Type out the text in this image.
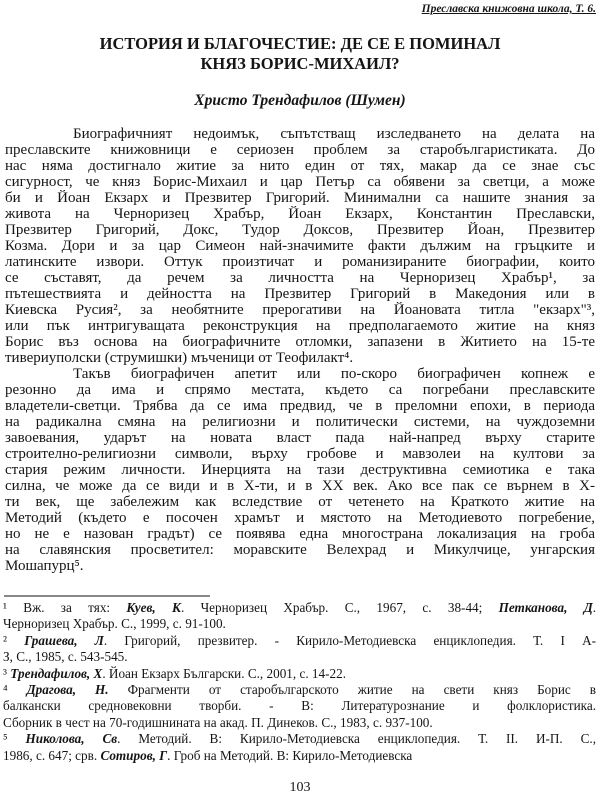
Преславска книжовна школа, Т. 6.
ИСТОРИЯ И БЛАГОЧЕСТИЕ: ДЕ СЕ Е ПОМИНАЛ
КНЯЗ БОРИС-МИХАИЛ?
Христо Трендафилов (Шумен)
Биографичният недоимък, съпътстващ изследването на делата на
преславските книжовници е сериозен проблем за старобългаристиката. До
нас няма достигнало житие за нито един от тях, макар да се знае със
сигурност, че княз Борис-Михаил и цар Петър са обявени за светци, а може
би и Йоан Екзарх и Презвитер Григорий. Минимални са нашите знания за
живота на Черноризец Храбър, Йоан Екзарх, Константин Преславски,
Презвитер Григорий, Докс, Тудор Доксов, Презвитер Йоан, Презвитер
Козма. Дори и за цар Симеон най-значимите факти дължим на гръцките и
латинските извори. Оттук произтичат и романизираните биографии, които
се съставят, да речем за личността на Черноризец Храбър¹, за
пътешествията и дейността на Презвитер Григорий в Македония или в
Киевска Русия², за необятните прерогативи на Йоановата титла "екзарх"³,
или пък интригуващата реконструкция на предполагаемото житие на княз
Борис въз основа на биографичните отломки, запазени в Житието на 15-те
тивериуполски (струмишки) мъченици от Теофилакт⁴.
Такъв биографичен апетит или по-скоро биографичен копнеж е
резонно да има и спрямо местата, където са погребани преславските
владетели-светци. Трябва да се има предвид, че в преломни епохи, в периода
на радикална смяна на религиозни и политически системи, на чуждоземни
завоевания, ударът на новата власт пада най-напред върху старите
строително-религиозни символи, върху гробове и мавзолеи на култови за
стария режим личности. Инерцията на тази деструктивна семиотика е така
силна, че може да се види и в X-ти, и в XX век. Ако все пак се върнем в X-
ти век, ще забележим как вследствие от четенето на Краткото житие на
Методий (където е посочен храмът и мястото на Методиевото погребение,
но не е назован градът) се появява една многострана локализация на гроба
на славянския просветител: моравските Велехрад и Микулчице, унгарския
Мошапурц⁵.
¹ Вж. за тях: Куев, К. Черноризец Храбър. С., 1967, с. 38-44; Петканова, Д.
Черноризец Храбър. С., 1999, с. 91-100.
² Грашева, Л. Григорий, презвитер. - Кирило-Методиевска енциклопедия. Т. I А-
З, С., 1985, с. 543-545.
³ Трендафилов, Х. Йоан Екзарх Български. С., 2001, с. 14-22.
⁴ Драгова, Н. Фрагменти от старобългарското житие на свети княз Борис в
балкански средновековни творби. - В: Литературознание и фолклористика.
Сборник в чест на 70-годишнината на акад. П. Динеков. С., 1983, с. 937-100.
⁵ Николова, Св. Методий. В: Кирило-Методиевска енциклопедия. Т. II. И-П. С.,
1986, с. 647; срв. Сотиров, Г. Гроб на Методий. В: Кирило-Методиевска
103
